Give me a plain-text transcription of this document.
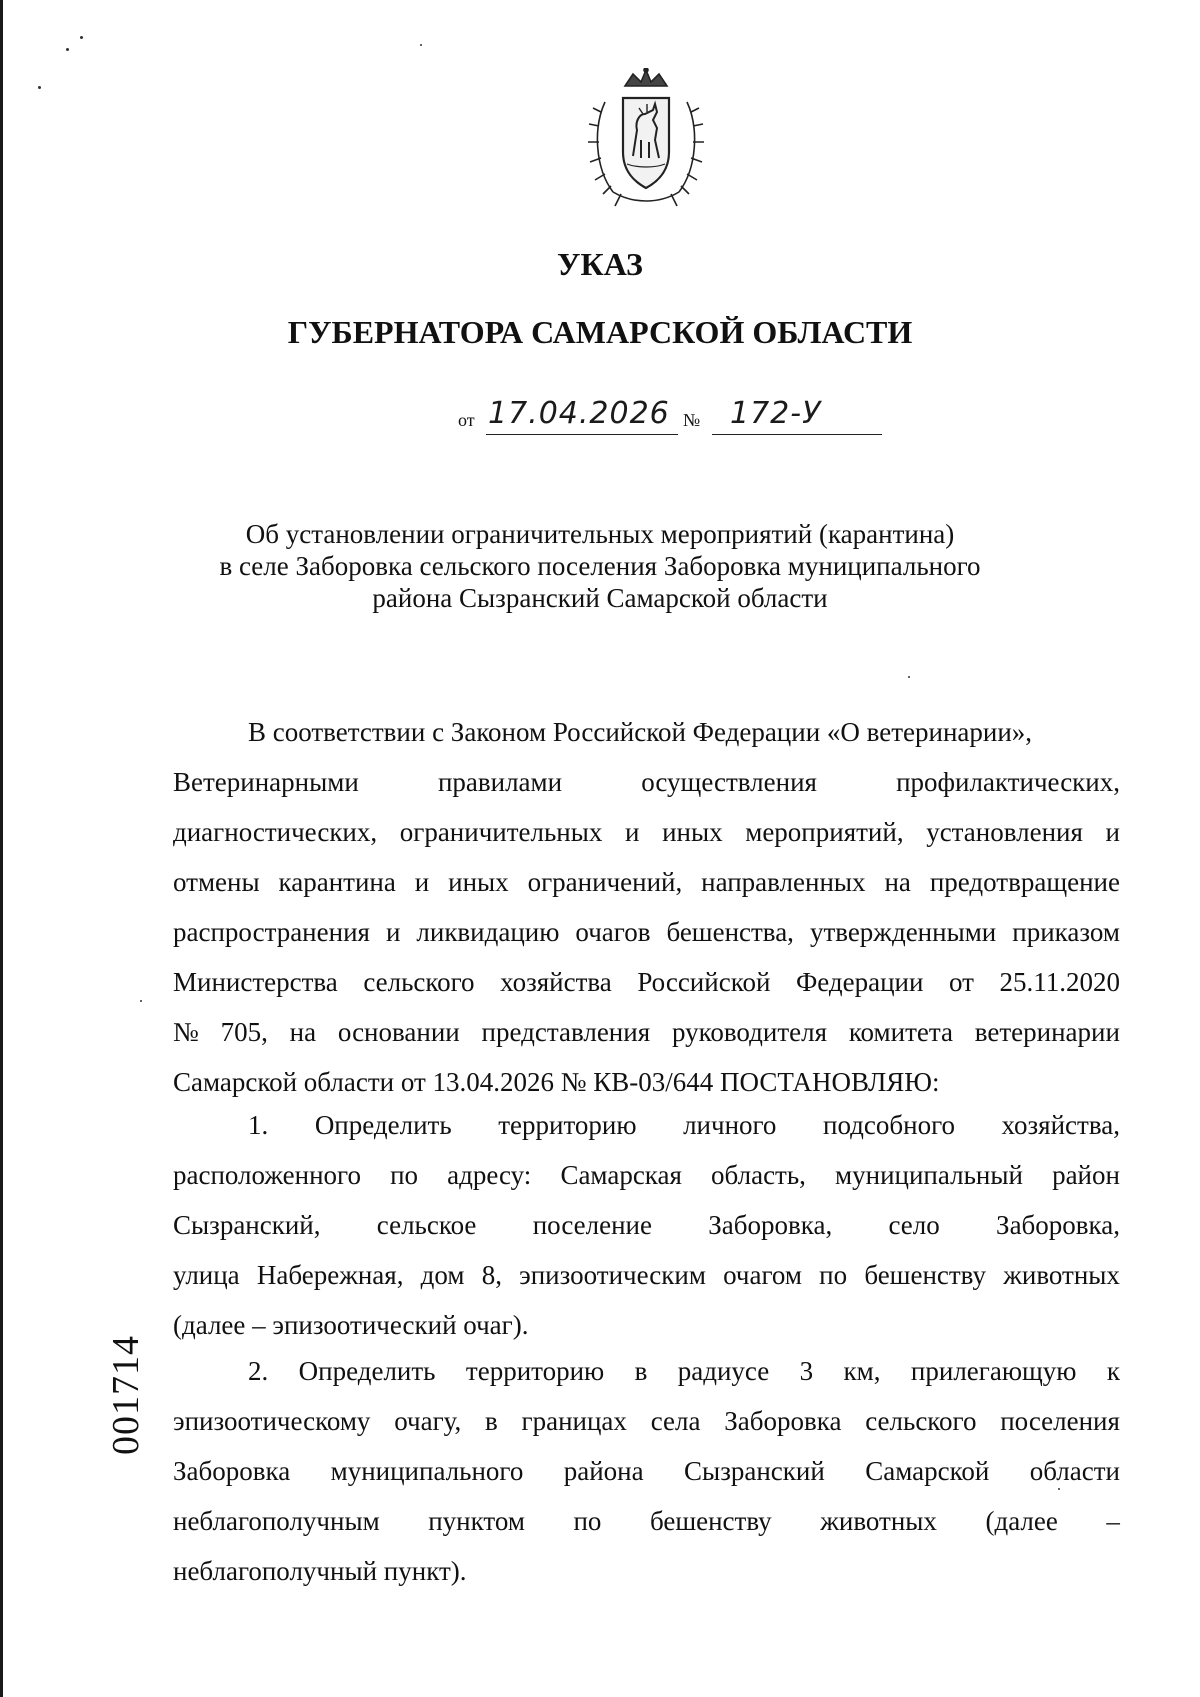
УКАЗ
ГУБЕРНАТОРА САМАРСКОЙ ОБЛАСТИ
от 17.04.2026 № 172-У
Об установлении ограничительных мероприятий (карантина)
в селе Заборовка сельского поселения Заборовка муниципального
района Сызранский Самарской области
В соответствии с Законом Российской Федерации «О ветеринарии»,
Ветеринарными	правилами	осуществления	профилактических,
диагностических, ограничительных и иных мероприятий, установления и
отмены карантина и иных ограничений, направленных на предотвращение
распространения и ликвидацию очагов бешенства, утвержденными приказом
Министерства сельского хозяйства Российской Федерации от 25.11.2020
№ 705, на основании представления руководителя комитета ветеринарии
Самарской области от 13.04.2026 № КВ-03/644 ПОСТАНОВЛЯЮ:
1. Определить территорию личного подсобного хозяйства,
расположенного по адресу: Самарская область, муниципальный район
Сызранский, сельское поселение Заборовка, село Заборовка,
улица Набережная, дом 8, эпизоотическим очагом по бешенству животных
(далее – эпизоотический очаг).
2. Определить территорию в радиусе 3 км, прилегающую к
эпизоотическому очагу, в границах села Заборовка сельского поселения
Заборовка муниципального района Сызранский Самарской области
неблагополучным пунктом по бешенству животных (далее –
неблагополучный пункт).
001714
